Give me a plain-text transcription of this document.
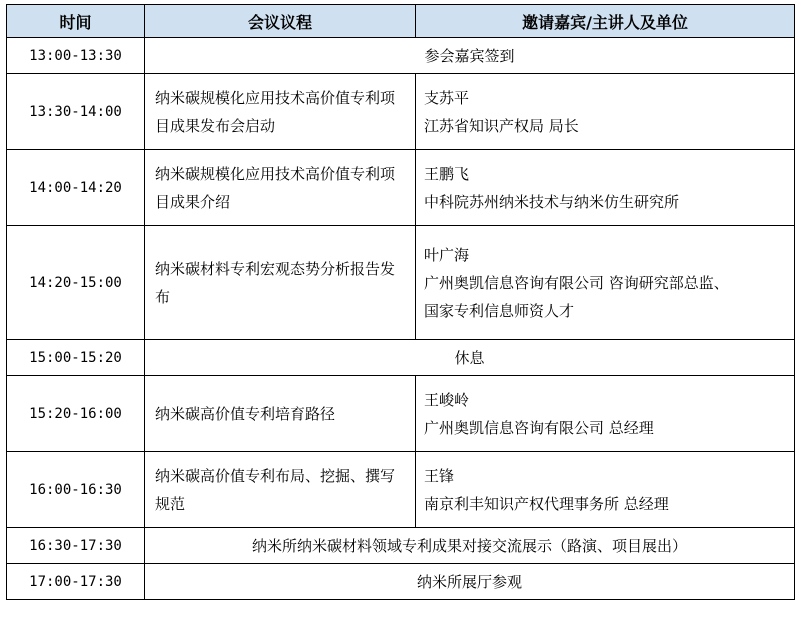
时间	会议议程	邀请嘉宾/主讲人及单位
13:00-13:30	参会嘉宾签到	
13:30-14:00	纳米碳规模化应用技术高价值专利项目成果发布会启动	支苏平
江苏省知识产权局 局长

14:00-14:20	纳米碳规模化应用技术高价值专利项目成果介绍	王鹏飞
中科院苏州纳米技术与纳米仿生研究所

14:20-15:00	纳米碳材料专利宏观态势分析报告发布	叶广海
广州奥凯信息咨询有限公司 咨询研究部总监、
国家专利信息师资人才

15:00-15:20	休息	
15:20-16:00	纳米碳高价值专利培育路径	王峻岭
广州奥凯信息咨询有限公司 总经理

16:00-16:30	纳米碳高价值专利布局、挖掘、撰写规范	王锋
南京利丰知识产权代理事务所 总经理

16:30-17:30	纳米所纳米碳材料领域专利成果对接交流展示（路演、项目展出）	
17:00-17:30	纳米所展厅参观	
